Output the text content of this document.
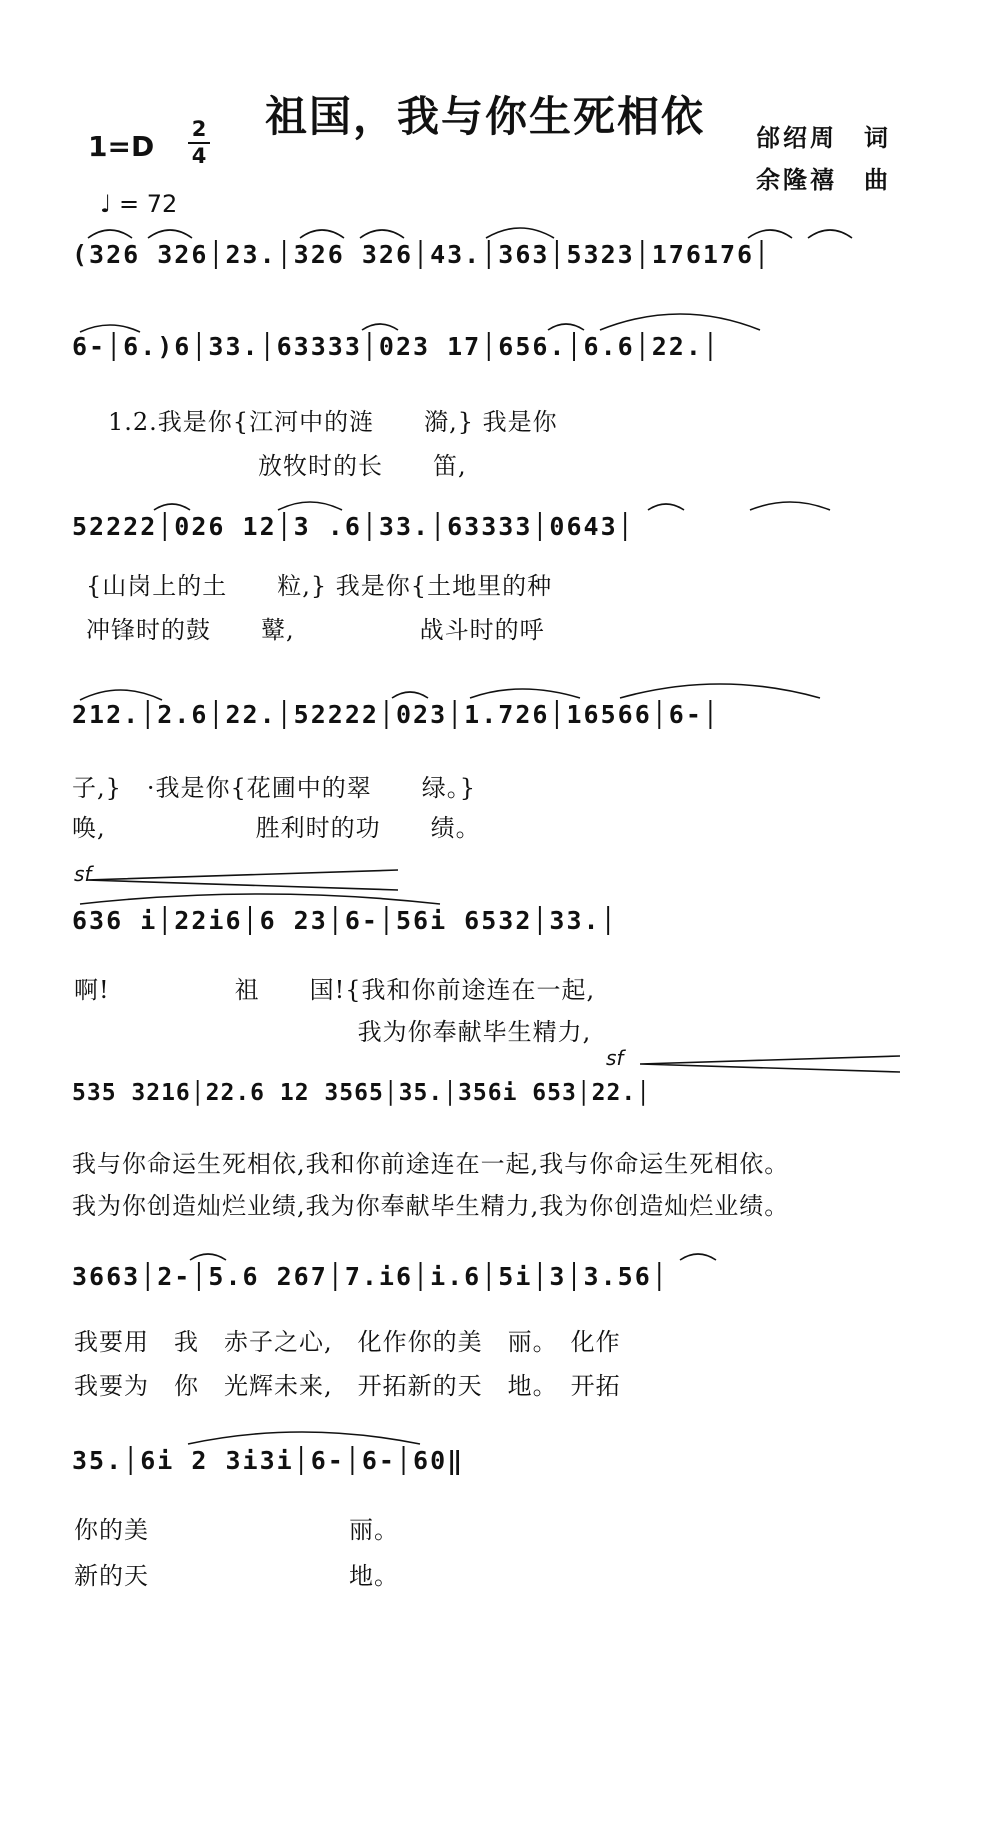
祖国，我与你生死相依
1=D
2
4
♩ = 72
邰绍周　词
余隆禧　曲
(326 326│23.│326 326│43.│363│5323│176176│
6-│6.)6│33.│63333│023 17│656.│6.6│22.│
1.2.我是你{江河中的涟　　漪,} 我是你
　　　　　　放牧时的长　　笛,
52222│026 12│3 .6│33.│63333│0643│
{山岗上的土　　粒,} 我是你{土地里的种
冲锋时的鼓　　鼙,　　　　　战斗时的呼
212.│2.6│22.│52222│023│1.726│16566│6-│
子,}　·我是你{花圃中的翠　　绿。}
唤,　　　　　　胜利时的功　　绩。
sf
636 i│22i6│6 23│6-│56i 6532│33.│
啊!　　　　　祖　　国!{我和你前途连在一起,
　　　　　　　　　　　 我为你奉献毕生精力,
sf
535 3216│22.6 12 3565│35.│356i 653│22.│
我与你命运生死相依,我和你前途连在一起,我与你命运生死相依。
我为你创造灿烂业绩,我为你奉献毕生精力,我为你创造灿烂业绩。
3663│2-│5.6 267│7.i6│i.6│5i│3│3.56│
我要用　我　赤子之心,　化作你的美　丽。　化作
我要为　你　光辉未来,　开拓新的天　地。　开拓
35.│6i 2 3i3i│6-│6-│60‖
你的美　　　　　　　　丽。
新的天　　　　　　　　地。
